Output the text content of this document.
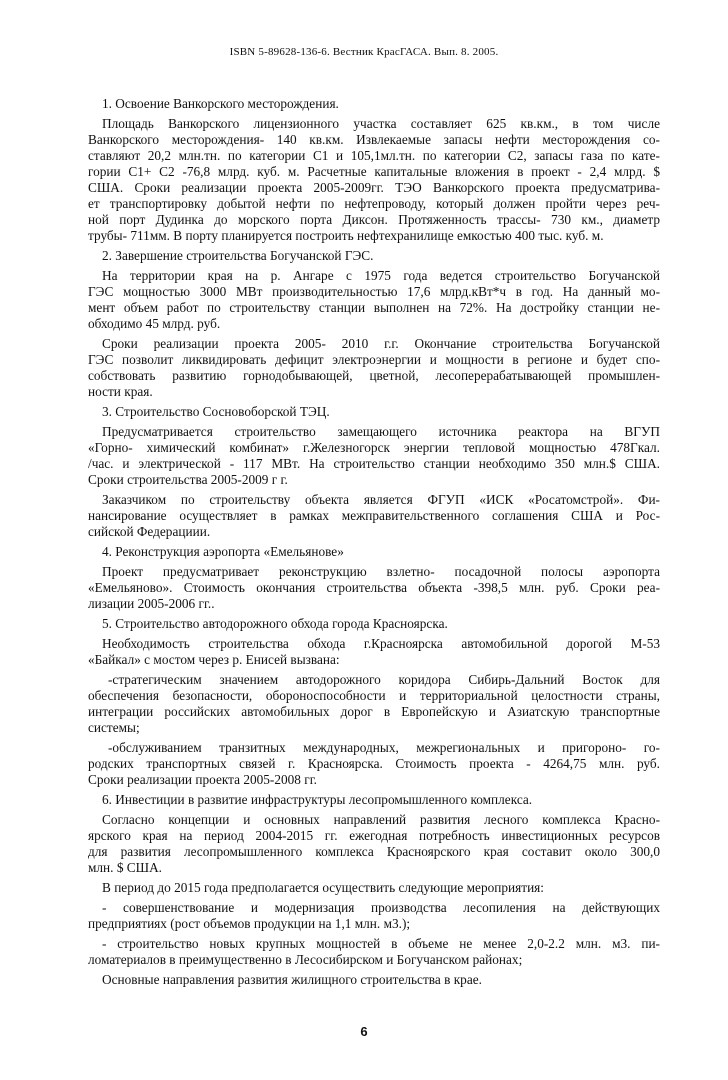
ISBN 5-89628-136-6. Вестник КрасГАСА. Вып. 8. 2005.
1. Освоение Ванкорского месторождения.
Площадь Ванкорского лицензионного участка составляет 625 кв.км., в том числе
Ванкорского месторождения- 140 кв.км. Извлекаемые запасы нефти месторождения со-
ставляют 20,2 млн.тн. по категории С1 и 105,1мл.тн. по категории С2, запасы газа по кате-
гории С1+ С2 -76,8 млрд. куб. м. Расчетные капитальные вложения в проект - 2,4 млрд. $
США. Сроки реализации проекта 2005-2009гг. ТЭО Ванкорского проекта предусматрива-
ет транспортировку добытой нефти по нефтепроводу, который должен пройти через реч-
ной порт Дудинка до морского порта Диксон. Протяженность трассы- 730 км., диаметр
трубы- 711мм. В порту планируется построить нефтехранилище емкостью 400 тыс. куб. м.
2. Завершение строительства Богучанской ГЭС.
На территории края на р. Ангаре с 1975 года ведется строительство Богучанской
ГЭС мощностью 3000 МВт производительностью 17,6 млрд.кВт*ч в год. На данный мо-
мент объем работ по строительству станции выполнен на 72%. На достройку станции не-
обходимо 45 млрд. руб.
Сроки реализации проекта 2005- 2010 г.г. Окончание строительства Богучанской
ГЭС позволит ликвидировать дефицит электроэнергии и мощности в регионе и будет спо-
собствовать развитию горнодобывающей, цветной, лесоперерабатывающей промышлен-
ности края.
3. Строительство Сосновоборской ТЭЦ.
Предусматривается строительство замещающего источника реактора на ВГУП
«Горно- химический комбинат» г.Железногорск энергии тепловой мощностью 478Гкал.
/час. и электрической - 117 МВт. На строительство станции необходимо 350 млн.$ США.
Сроки строительства 2005-2009 г г.
Заказчиком по строительству объекта является ФГУП «ИСК «Росатомстрой». Фи-
нансирование осуществляет в рамках межправительственного соглашения США и Рос-
сийской Федерациии.
4. Реконструкция аэропорта «Емельянове»
Проект предусматривает реконструкцию взлетно- посадочной полосы аэропорта
«Емельяново». Стоимость окончания строительства объекта -398,5 млн. руб. Сроки реа-
лизации 2005-2006 гг..
5. Строительство автодорожного обхода города Красноярска.
Необходимость строительства обхода г.Красноярска автомобильной дорогой М-53
«Байкал» с мостом через р. Енисей вызвана:
-стратегическим значением автодорожного коридора Сибирь-Дальний Восток для
обеспечения безопасности, обороноспособности и территориальной целостности страны,
интеграции российских автомобильных дорог в Европейскую и Азиатскую транспортные
системы;
-обслуживанием транзитных международных, межрегиональных и пригороно- го-
родских транспортных связей г. Красноярска. Стоимость проекта - 4264,75 млн. руб.
Сроки реализации проекта 2005-2008 гг.
6. Инвестиции в развитие инфраструктуры лесопромышленного комплекса.
Согласно концепции и основных направлений развития лесного комплекса Красно-
ярского края на период 2004-2015 гг. ежегодная потребность инвестиционных ресурсов
для развития лесопромышленного комплекса Красноярского края составит около 300,0
млн. $ США.
В период до 2015 года предполагается осуществить следующие мероприятия:
- совершенствование и модернизация производства лесопиления на действующих
предприятиях (рост объемов продукции на 1,1 млн. м3.);
- строительство новых крупных мощностей в объеме не менее 2,0-2.2 млн. м3. пи-
ломатериалов в преимущественно в Лесосибирском и Богучанском районах;
Основные направления развития жилищного строительства в крае.
6
